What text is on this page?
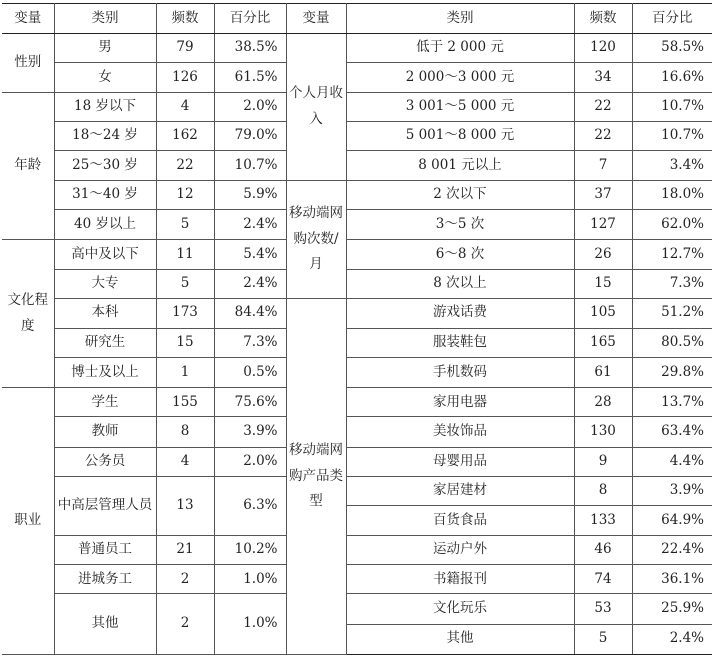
变量	类别	频数	百分比	变量	类别	频数	百分比
性别	男	79	38.5%	个人月收入	低于 2 000 元	120	58.5%
	女	126	61.5%		2 000～3 000 元	34	16.6%
年龄	18 岁以下	4	2.0%		3 001～5 000 元	22	10.7%
	18～24 岁	162	79.0%		5 001～8 000 元	22	10.7%
	25～30 岁	22	10.7%		8 001 元以上	7	3.4%
	31～40 岁	12	5.9%	移动端网购次数/月	2 次以下	37	18.0%
	40 岁以上	5	2.4%		3～5 次	127	62.0%
文化程度	高中及以下	11	5.4%		6～8 次	26	12.7%
	大专	5	2.4%		8 次以上	15	7.3%
	本科	173	84.4%	移动端网购产品类型	游戏话费	105	51.2%
	研究生	15	7.3%		服装鞋包	165	80.5%
	博士及以上	1	0.5%		手机数码	61	29.8%
职业	学生	155	75.6%		家用电器	28	13.7%
	教师	8	3.9%		美妆饰品	130	63.4%
	公务员	4	2.0%		母婴用品	9	4.4%
	中高层管理人员	13	6.3%		家居建材	8	3.9%
					百货食品	133	64.9%
	普通员工	21	10.2%		运动户外	46	22.4%
	进城务工	2	1.0%		书籍报刊	74	36.1%
	其他	2	1.0%		文化玩乐	53	25.9%
					其他	5	2.4%
